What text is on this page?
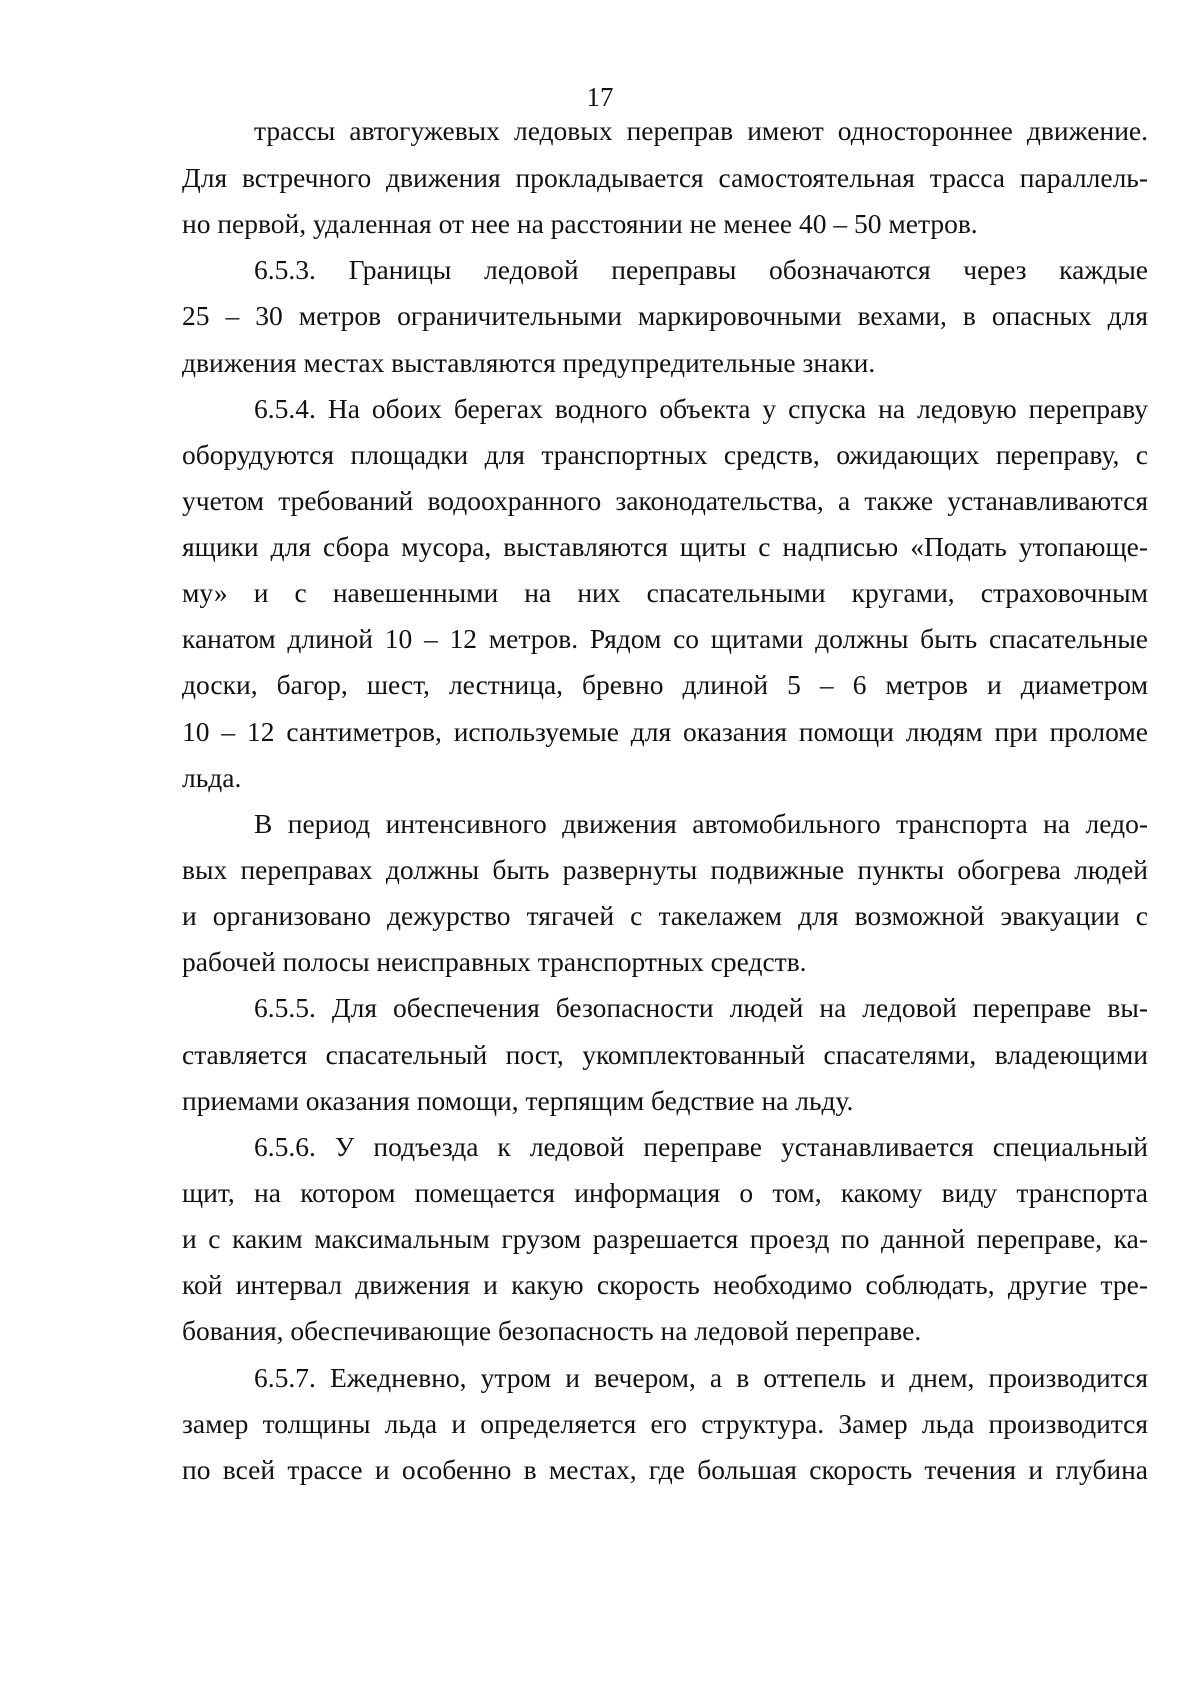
17
трассы автогужевых ледовых переправ имеют одностороннее движение.
Для встречного движения прокладывается самостоятельная трасса параллель-
но первой, удаленная от нее на расстоянии не менее 40 – 50 метров.
6.5.3. Границы ледовой переправы обозначаются через каждые
25 – 30 метров ограничительными маркировочными вехами, в опасных для
движения местах выставляются предупредительные знаки.
6.5.4. На обоих берегах водного объекта у спуска на ледовую переправу
оборудуются площадки для транспортных средств, ожидающих переправу, с
учетом требований водоохранного законодательства, а также устанавливаются
ящики для сбора мусора, выставляются щиты с надписью «Подать утопающе-
му» и с навешенными на них спасательными кругами, страховочным
канатом длиной 10 – 12 метров. Рядом со щитами должны быть спасательные
доски, багор, шест, лестница, бревно длиной 5 – 6 метров и диаметром
10 – 12 сантиметров, используемые для оказания помощи людям при проломе
льда.
В период интенсивного движения автомобильного транспорта на ледо-
вых переправах должны быть развернуты подвижные пункты обогрева людей
и организовано дежурство тягачей с такелажем для возможной эвакуации с
рабочей полосы неисправных транспортных средств.
6.5.5. Для обеспечения безопасности людей на ледовой переправе вы-
ставляется спасательный пост, укомплектованный спасателями, владеющими
приемами оказания помощи, терпящим бедствие на льду.
6.5.6. У подъезда к ледовой переправе устанавливается специальный
щит, на котором помещается информация о том, какому виду транспорта
и с каким максимальным грузом разрешается проезд по данной переправе, ка-
кой интервал движения и какую скорость необходимо соблюдать, другие тре-
бования, обеспечивающие безопасность на ледовой переправе.
6.5.7. Ежедневно, утром и вечером, а в оттепель и днем, производится
замер толщины льда и определяется его структура. Замер льда производится
по всей трассе и особенно в местах, где большая скорость течения и глубина
